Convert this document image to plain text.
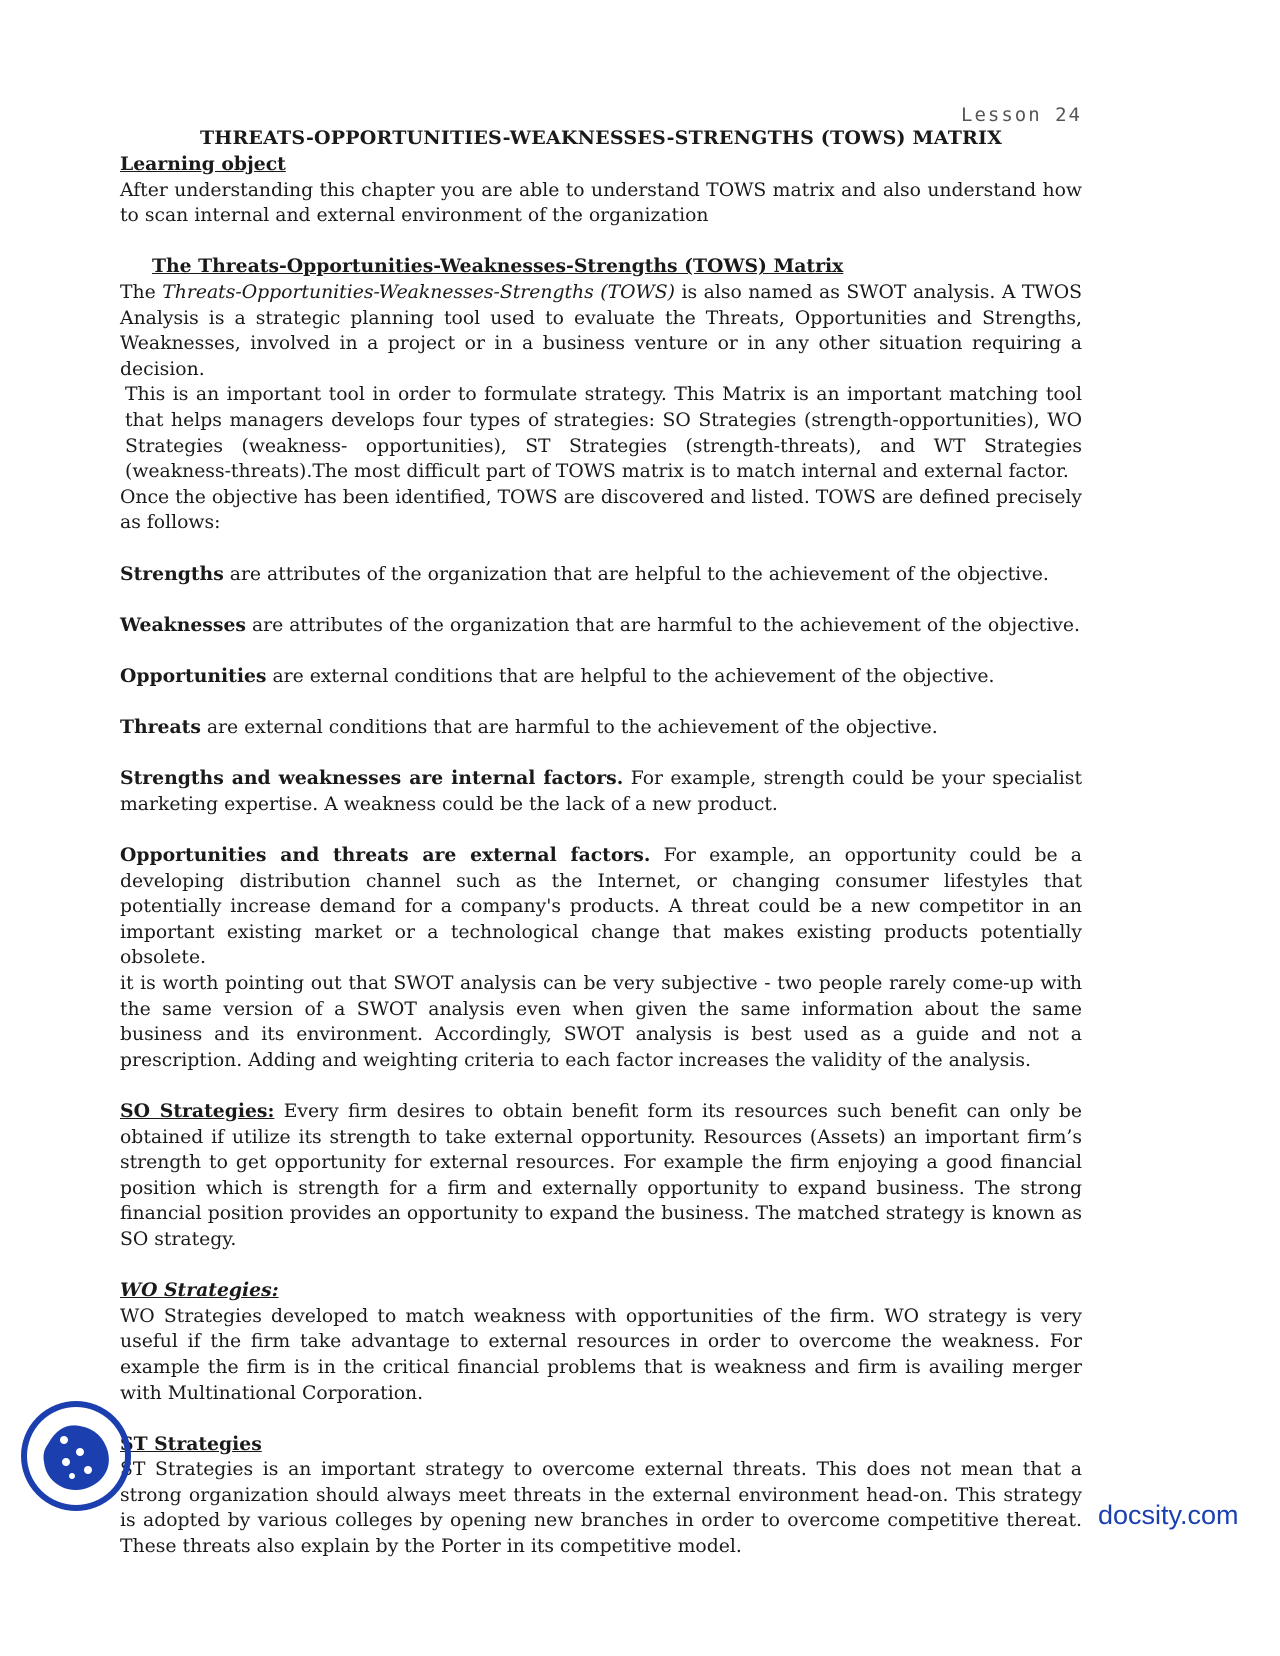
Lesson 24
THREATS-OPPORTUNITIES-WEAKNESSES-STRENGTHS (TOWS) MATRIX

Learning object

After understanding this chapter you are able to understand TOWS matrix and also understand how to scan internal and external environment of the organization

The Threats-Opportunities-Weaknesses-Strengths (TOWS) Matrix

The Threats-Opportunities-Weaknesses-Strengths (TOWS) is also named as SWOT analysis. A TWOS Analysis is a strategic planning tool used to evaluate the Threats, Opportunities and Strengths, Weaknesses, involved in a project or in a business venture or in any other situation requiring a decision.

This is an important tool in order to formulate strategy. This Matrix is an important matching tool that helps managers develops four types of strategies: SO Strategies (strength-opportunities), WO Strategies (weakness- opportunities), ST Strategies (strength-threats), and WT Strategies (weakness-threats).The most difficult part of TOWS matrix is to match internal and external factor.

Once the objective has been identified, TOWS are discovered and listed. TOWS are defined precisely as follows:

Strengths are attributes of the organization that are helpful to the achievement of the objective.

Weaknesses are attributes of the organization that are harmful to the achievement of the objective.

Opportunities are external conditions that are helpful to the achievement of the objective.

Threats are external conditions that are harmful to the achievement of the objective.

Strengths and weaknesses are internal factors. For example, strength could be your specialist marketing expertise. A weakness could be the lack of a new product.

Opportunities and threats are external factors. For example, an opportunity could be a developing distribution channel such as the Internet, or changing consumer lifestyles that potentially increase demand for a company's products. A threat could be a new competitor in an important existing market or a technological change that makes existing products potentially obsolete.

it is worth pointing out that SWOT analysis can be very subjective - two people rarely come-up with the same version of a SWOT analysis even when given the same information about the same business and its environment. Accordingly, SWOT analysis is best used as a guide and not a prescription. Adding and weighting criteria to each factor increases the validity of the analysis.

SO Strategies: Every firm desires to obtain benefit form its resources such benefit can only be obtained if utilize its strength to take external opportunity. Resources (Assets) an important firm’s strength to get opportunity for external resources. For example the firm enjoying a good financial position which is strength for a firm and externally opportunity to expand business. The strong financial position provides an opportunity to expand the business. The matched strategy is known as SO strategy.

WO Strategies:

WO Strategies developed to match weakness with opportunities of the firm. WO strategy is very useful if the firm take advantage to external resources in order to overcome the weakness. For example the firm is in the critical financial problems that is weakness and firm is availing merger with Multinational Corporation.

ST Strategies

ST Strategies is an important strategy to overcome external threats. This does not mean that a strong organization should always meet threats in the external environment head-on. This strategy is adopted by various colleges by opening new branches in order to overcome competitive thereat. These threats also explain by the Porter in its competitive model.

docsity.com
